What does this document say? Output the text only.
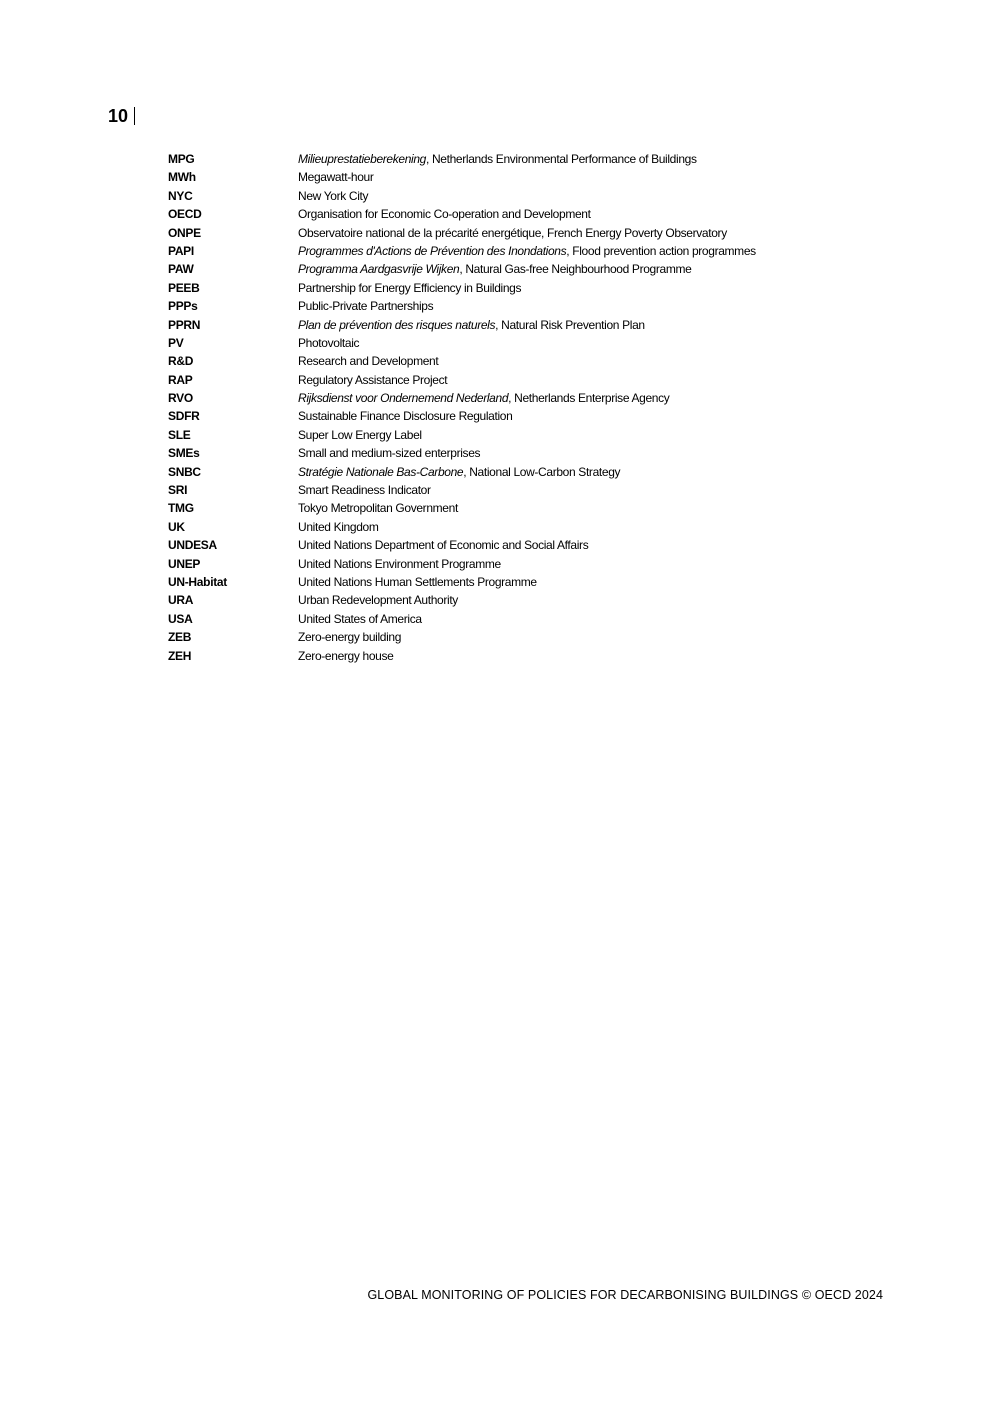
10
MPG	Milieuprestatieberekening, Netherlands Environmental Performance of Buildings
MWh	Megawatt-hour
NYC	New York City
OECD	Organisation for Economic Co-operation and Development
ONPE	Observatoire national de la précarité energétique, French Energy Poverty Observatory
PAPI	Programmes d'Actions de Prévention des Inondations, Flood prevention action programmes
PAW	Programma Aardgasvrije Wijken, Natural Gas-free Neighbourhood Programme
PEEB	Partnership for Energy Efficiency in Buildings
PPPs	Public-Private Partnerships
PPRN	Plan de prévention des risques naturels, Natural Risk Prevention Plan
PV	Photovoltaic
R&D	Research and Development
RAP	Regulatory Assistance Project
RVO	Rijksdienst voor Ondernemend Nederland, Netherlands Enterprise Agency
SDFR	Sustainable Finance Disclosure Regulation
SLE	Super Low Energy Label
SMEs	Small and medium-sized enterprises
SNBC	Stratégie Nationale Bas-Carbone, National Low-Carbon Strategy
SRI	Smart Readiness Indicator
TMG	Tokyo Metropolitan Government
UK	United Kingdom
UNDESA	United Nations Department of Economic and Social Affairs
UNEP	United Nations Environment Programme
UN-Habitat	United Nations Human Settlements Programme
URA	Urban Redevelopment Authority
USA	United States of America
ZEB	Zero-energy building
ZEH	Zero-energy house
GLOBAL MONITORING OF POLICIES FOR DECARBONISING BUILDINGS © OECD 2024
